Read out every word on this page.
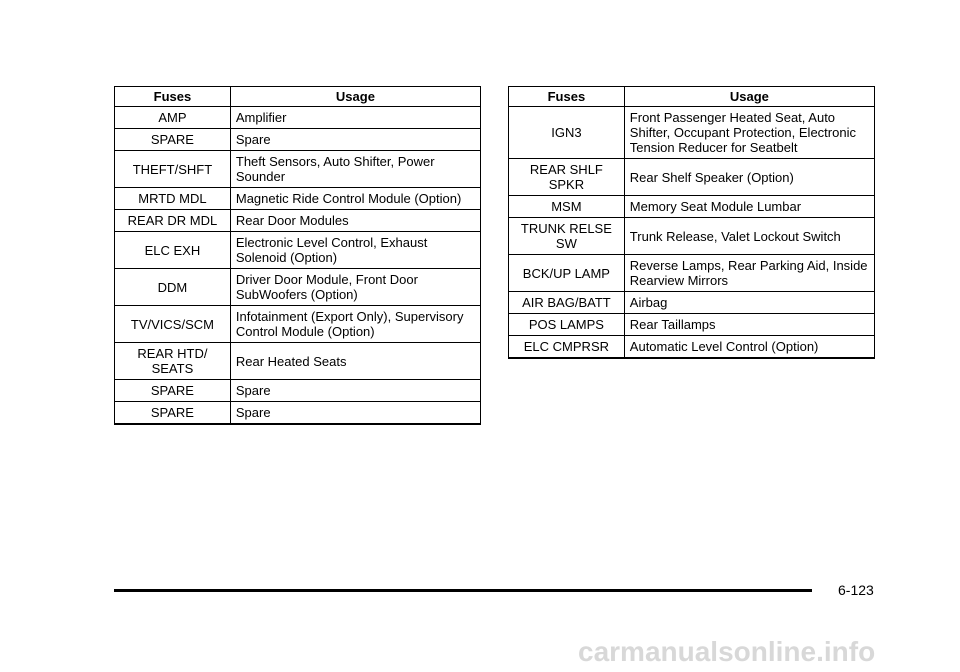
Fuses	Usage
AMP	Amplifier
SPARE	Spare
THEFT/SHFT	Theft Sensors, Auto Shifter, Power Sounder
MRTD MDL	Magnetic Ride Control Module (Option)
REAR DR MDL	Rear Door Modules
ELC EXH	Electronic Level Control, Exhaust Solenoid (Option)
DDM	Driver Door Module, Front Door SubWoofers (Option)
TV/VICS/SCM	Infotainment (Export Only), Supervisory Control Module (Option)
REAR HTD/ SEATS	Rear Heated Seats
SPARE	Spare
SPARE	Spare
Fuses	Usage
IGN3	Front Passenger Heated Seat, Auto Shifter, Occupant Protection, Electronic Tension Reducer for Seatbelt
REAR SHLF SPKR	Rear Shelf Speaker (Option)
MSM	Memory Seat Module Lumbar
TRUNK RELSE SW	Trunk Release, Valet Lockout Switch
BCK/UP LAMP	Reverse Lamps, Rear Parking Aid, Inside Rearview Mirrors
AIR BAG/BATT	Airbag
POS LAMPS	Rear Taillamps
ELC CMPRSR	Automatic Level Control (Option)
6-123
carmanualsonline.info
